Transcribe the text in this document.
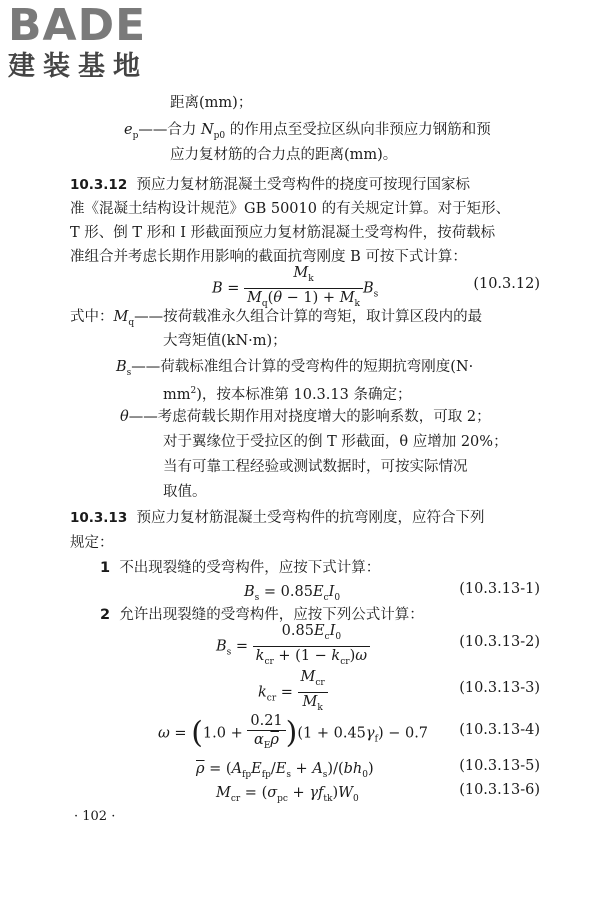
BADE
建装基地
距离(mm)；
$e_p——$合力 $N_{p0}$ 的作用点至受拉区纵向非预应力钢筋和预
应力复材筋的合力点的距离(mm)。
10.3.12 预应力复材筋混凝土受弯构件的挠度可按现行国家标
准《混凝土结构设计规范》GB 50010 的有关规定计算。对于矩形、
T 形、倒 T 形和 I 形截面预应力复材筋混凝土受弯构件，按荷载标
准组合并考虑长期作用影响的截面抗弯刚度 B 可按下式计算：
$B = \frac{M_k}{M_q(\theta - 1) + M_k} B_s$
(10.3.12)
式中：$M_q——$按荷载准永久组合计算的弯矩，取计算区段内的最
大弯矩值(kN·m)；
$B_s——$荷载标准组合计算的受弯构件的短期抗弯刚度(N·
$mm^2$)，按本标准第 10.3.13 条确定；
θ——考虑荷载长期作用对挠度增大的影响系数，可取 2；
对于翼缘位于受拉区的倒 T 形截面，θ 应增加 20%；
当有可靠工程经验或测试数据时，可按实际情况
取值。
10.3.13 预应力复材筋混凝土受弯构件的抗弯刚度，应符合下列
规定：
1 不出现裂缝的受弯构件，应按下式计算：
$B_s = 0.85E_cI_0$
(10.3.13-1)
2 允许出现裂缝的受弯构件，应按下列公式计算：
$B_s = \frac{0.85E_cI_0}{k_{cr} + (1 - k_{cr})\omega}$	(10.3.13-2)
$k_{cr} = \frac{M_{cr}}{M_k}$	(10.3.13-3)
$\omega = (1.0 + \frac{0.21}{\alpha_E\overline{\rho}} )(1 + 0.45\gamma_f) - 0.7$ (10.3.13-4)
$\overline{\rho} = (A_{fp}E_{fp}/E_s + A_s)/(bh_0)$	(10.3.13-5)
$M_{cr} = (\sigma_{pc} + \gamma f_{tk})W_0$
(10.3.13-6)
· 102 ·
